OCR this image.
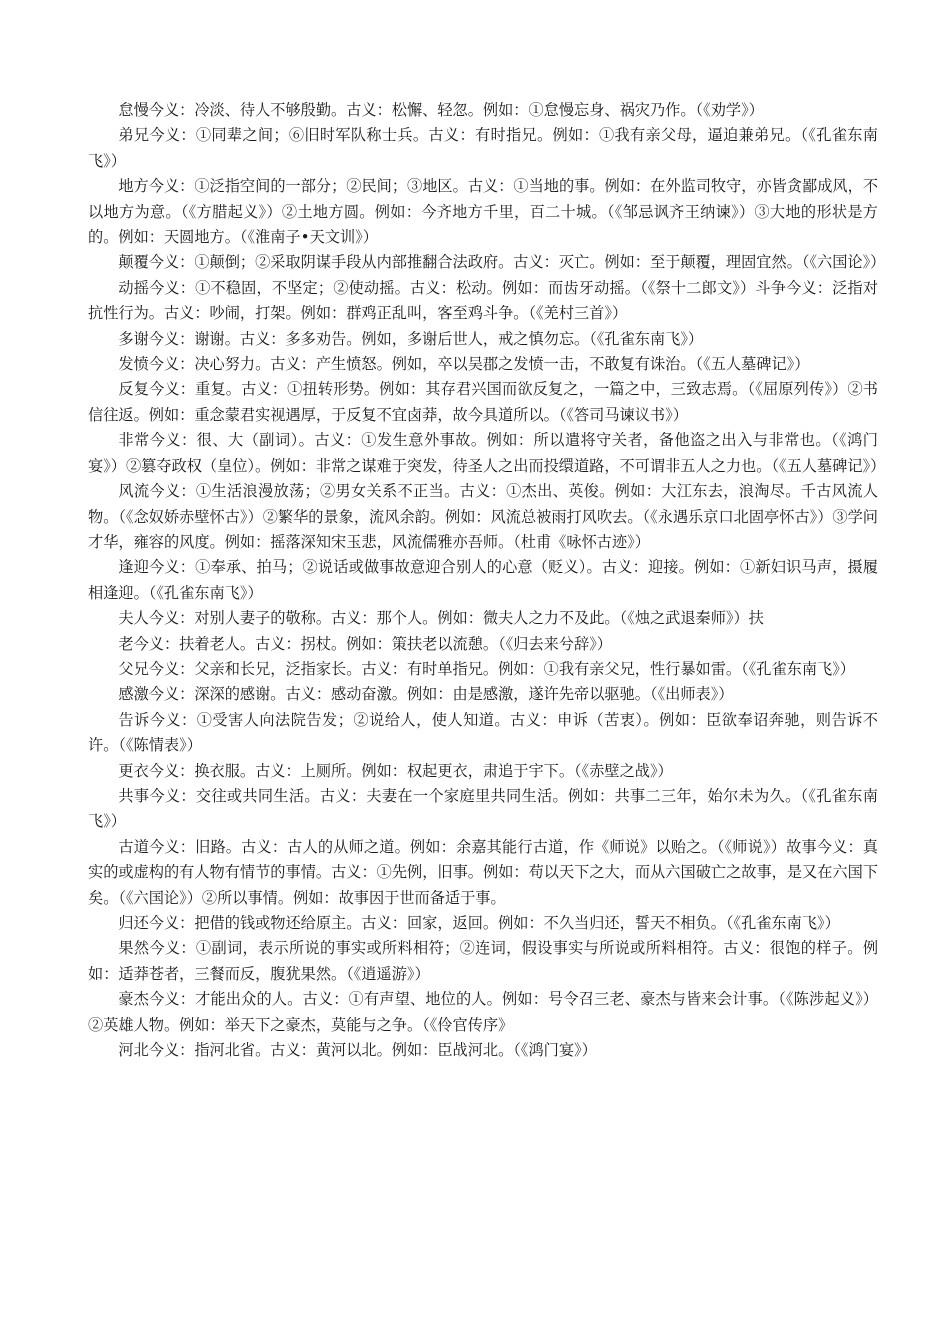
怠慢今义：冷淡、待人不够殷勤。古义：松懈、轻忽。例如：①怠慢忘身、祸灾乃作。（《劝学》）

弟兄今义：①同辈之间；⑥旧时军队称士兵。古义：有时指兄。例如：①我有亲父母，逼迫兼弟兄。（《孔雀东南飞》）

地方今义：①泛指空间的一部分；②民间；③地区。古义：①当地的事。例如：在外监司牧守，亦皆贪鄙成风，不以地方为意。（《方腊起义》）②土地方圆。例如：今齐地方千里，百二十城。（《邹忌讽齐王纳谏》）③大地的形状是方的。例如：天圆地方。（《淮南子•天文训》）

颠覆今义：①颠倒；②采取阴谋手段从内部推翻合法政府。古义：灭亡。例如：至于颠覆，理固宜然。（《六国论》）

动摇今义：①不稳固，不坚定；②使动摇。古义：松动。例如：而齿牙动摇。（《祭十二郎文》）斗争今义：泛指对抗性行为。古义：吵闹，打架。例如：群鸡正乱叫，客至鸡斗争。（《羌村三首》）

多谢今义：谢谢。古义：多多劝告。例如，多谢后世人，戒之慎勿忘。（《孔雀东南飞》）

发愤今义：决心努力。古义：产生愤怒。例如，卒以吴郡之发愤一击，不敢复有诛治。（《五人墓碑记》）

反复今义：重复。古义：①扭转形势。例如：其存君兴国而欲反复之，一篇之中，三致志焉。（《屈原列传》）②书信往返。例如：重念蒙君实视遇厚，于反复不宜卤莽，故今具道所以。（《答司马谏议书》）

非常今义：很、大（副词）。古义：①发生意外事故。例如：所以遣将守关者，备他盗之出入与非常也。（《鸿门宴》）②篡夺政权（皇位）。例如：非常之谋难于突发，待圣人之出而投缳道路，不可谓非五人之力也。（《五人墓碑记》）

风流今义：①生活浪漫放荡；②男女关系不正当。古义：①杰出、英俊。例如：大江东去，浪淘尽。千古风流人物。（《念奴娇赤壁怀古》）②繁华的景象，流风余韵。例如：风流总被雨打风吹去。（《永遇乐京口北固亭怀古》）③学问才华，雍容的风度。例如：摇落深知宋玉悲，风流儒雅亦吾师。（杜甫《咏怀古迹》）

逢迎今义：①奉承、拍马；②说话或做事故意迎合别人的心意（贬义）。古义：迎接。例如：①新妇识马声，摄履相逢迎。（《孔雀东南飞》）

夫人今义：对别人妻子的敬称。古义：那个人。例如：微夫人之力不及此。（《烛之武退秦师》）扶

老今义：扶着老人。古义：拐杖。例如：策扶老以流憩。（《归去来兮辞》）

父兄今义：父亲和长兄，泛指家长。古义：有时单指兄。例如：①我有亲父兄，性行暴如雷。（《孔雀东南飞》）

感激今义：深深的感谢。古义：感动奋激。例如：由是感激，遂许先帝以驱驰。（《出师表》）

告诉今义：①受害人向法院告发；②说给人，使人知道。古义：申诉（苦衷）。例如：臣欲奉诏奔驰，则告诉不许。（《陈情表》）

更衣今义：换衣服。古义：上厕所。例如：权起更衣，肃追于宇下。（《赤壁之战》）

共事今义：交往或共同生活。古义：夫妻在一个家庭里共同生活。例如：共事二三年，始尔未为久。（《孔雀东南飞》）

古道今义：旧路。古义：古人的从师之道。例如：余嘉其能行古道，作《师说》以贻之。（《师说》）故事今义：真实的或虚构的有人物有情节的事情。古义：①先例，旧事。例如：苟以天下之大，而从六国破亡之故事，是又在六国下矣。（《六国论》）②所以事情。例如：故事因于世而备适于事。

归还今义：把借的钱或物还给原主。古义：回家，返回。例如：不久当归还，誓天不相负。（《孔雀东南飞》）

果然今义：①副词，表示所说的事实或所料相符；②连词，假设事实与所说或所料相符。古义：很饱的样子。例如：适莽苍者，三餐而反，腹犹果然。（《逍遥游》）

豪杰今义：才能出众的人。古义：①有声望、地位的人。例如：号令召三老、豪杰与皆来会计事。（《陈涉起义》）②英雄人物。例如：举天下之豪杰，莫能与之争。（《伶官传序》

河北今义：指河北省。古义：黄河以北。例如：臣战河北。（《鸿门宴》）
